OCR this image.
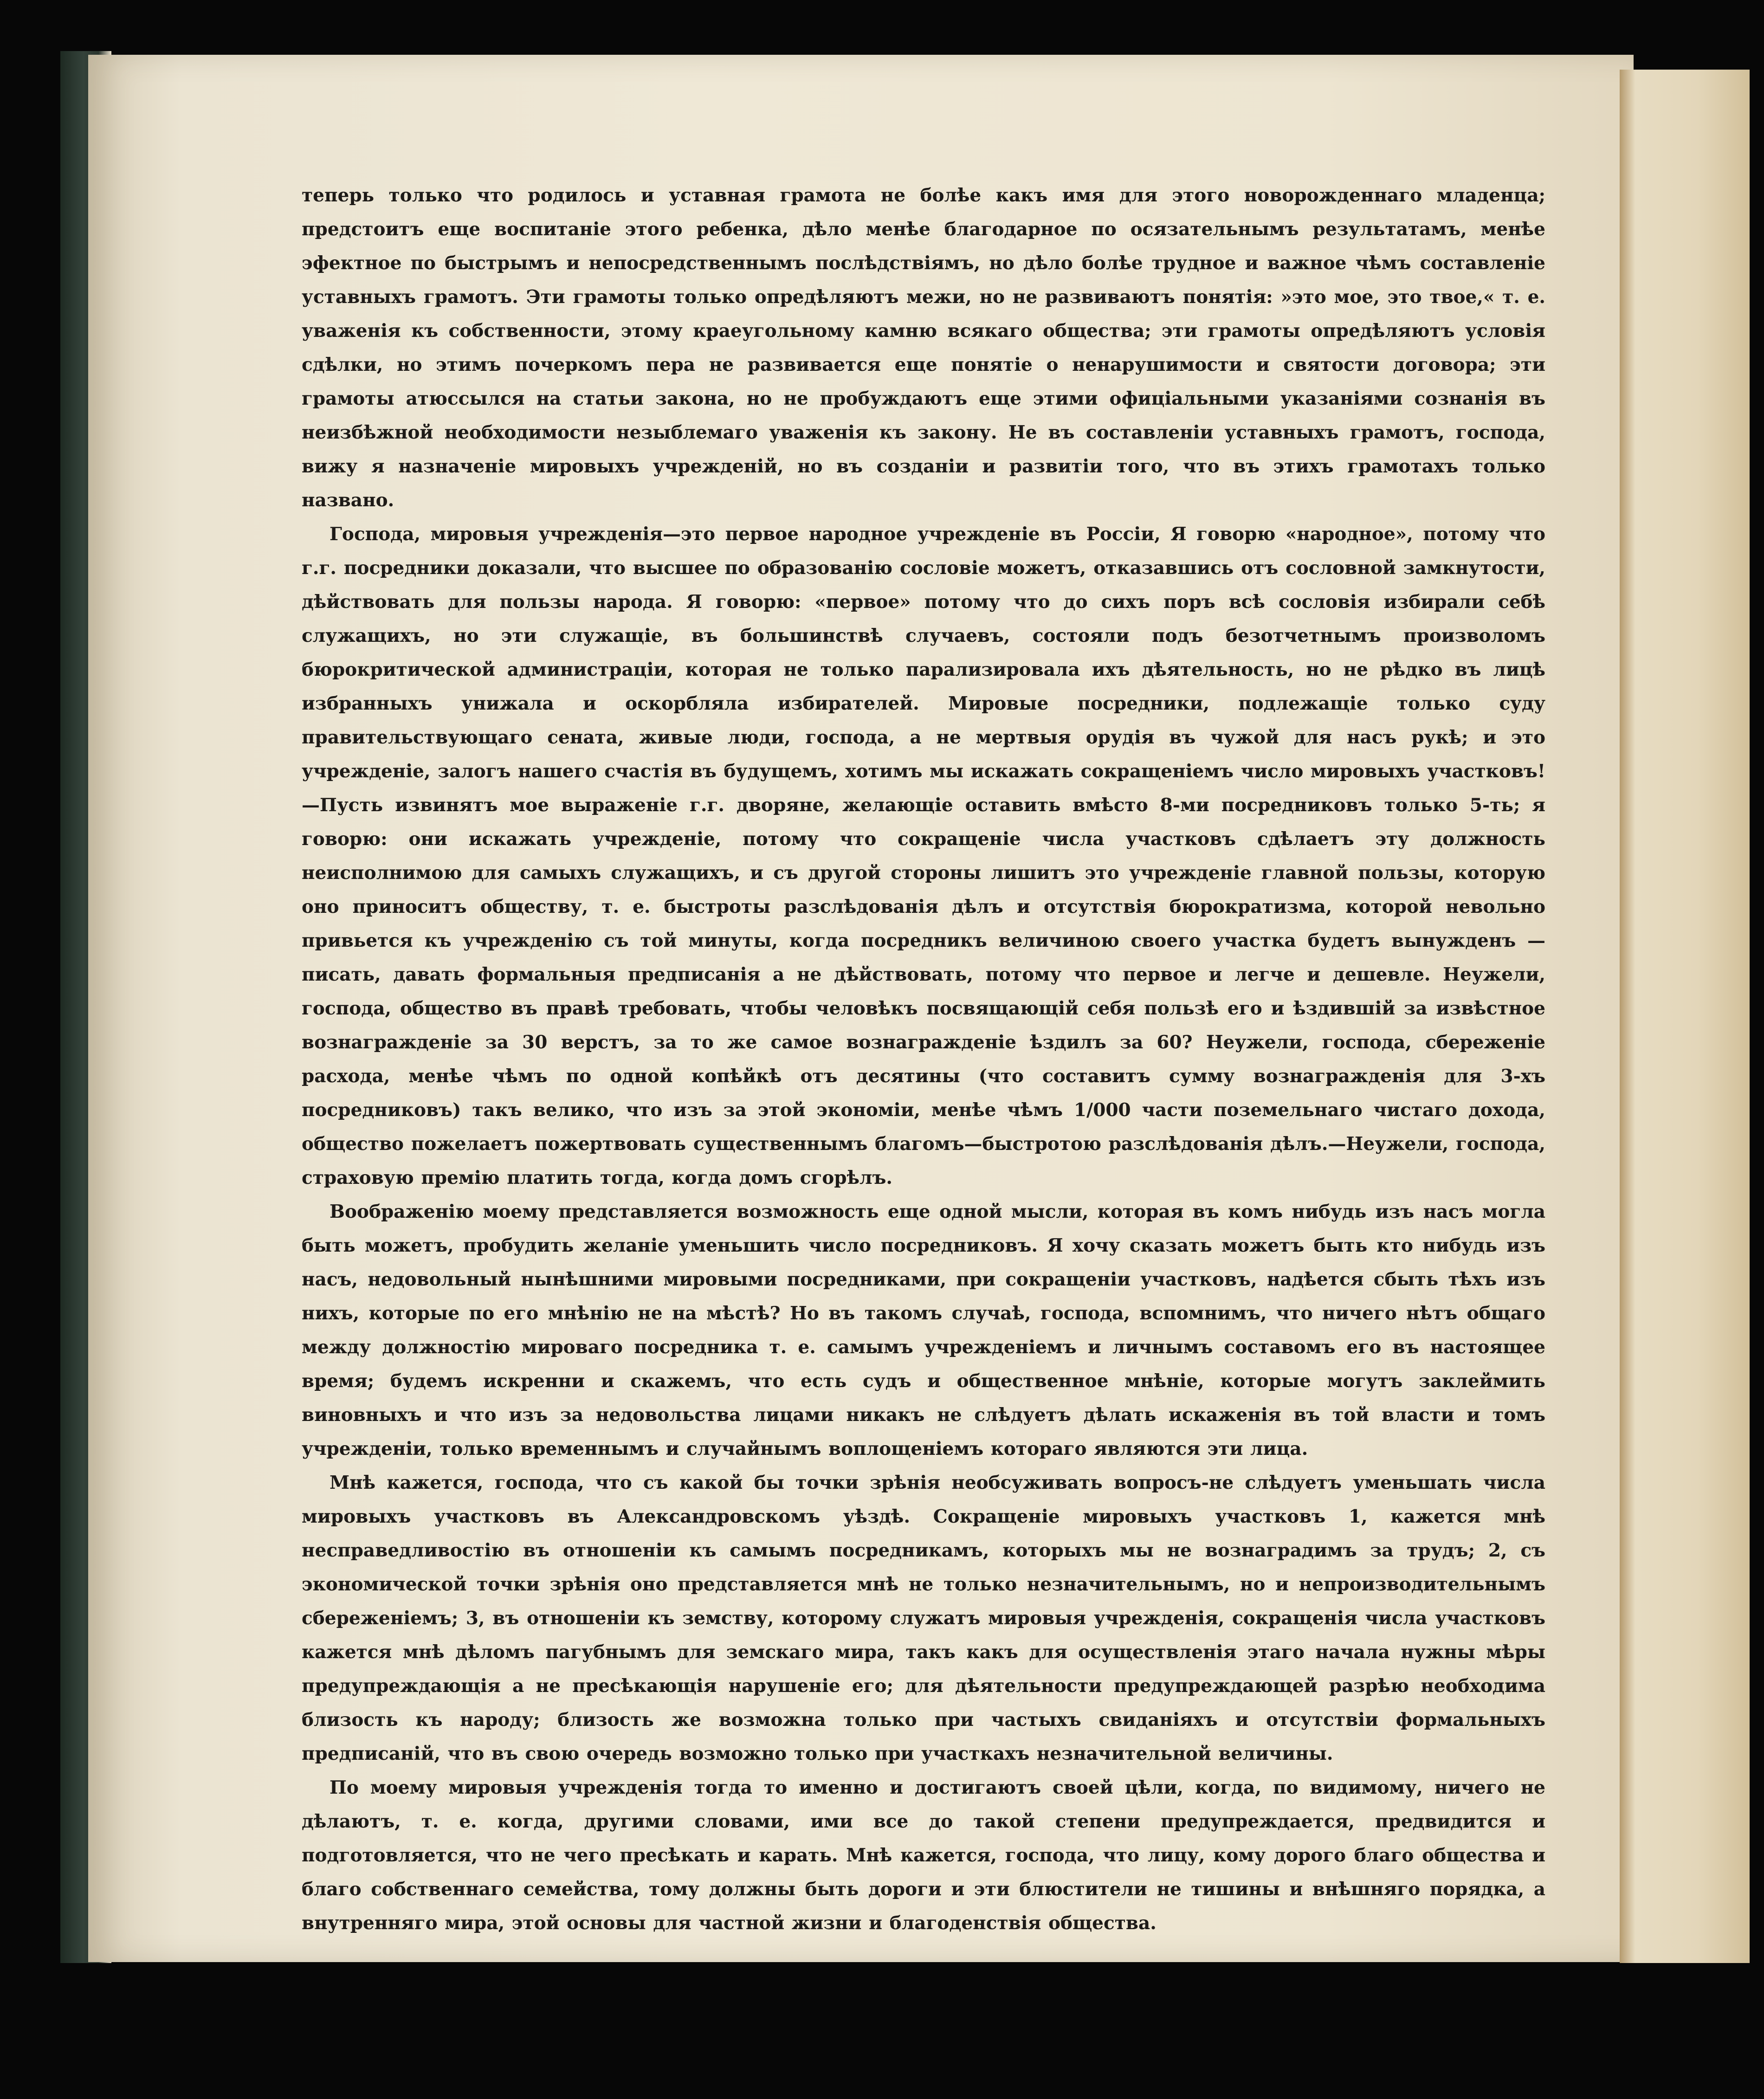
теперь только что родилось и уставная грамота не болѣе какъ имя для этого новорожденнаго младенца; предстоитъ еще воспитаніе этого ребенка, дѣло менѣе благодарное по осязательнымъ результатамъ, менѣе эфектное по быстрымъ и непосредственнымъ послѣдствіямъ, но дѣло болѣе трудное и важное чѣмъ составленіе уставныхъ грамотъ. Эти грамоты только опредѣляютъ межи, но не развиваютъ понятія: »это мое, это твое,« т. е. уваженія къ собственности, этому краеугольному камню всякаго общества; эти грамоты опредѣляютъ условія сдѣлки, но этимъ почеркомъ пера не развивается еще понятіе о ненарушимости и святости договора; эти грамоты атюссылся на статьи закона, но не пробуждаютъ еще этими офиціальными указаніями сознанія въ неизбѣжной необходимости незыблемаго уваженія къ закону. Не въ составленіи уставныхъ грамотъ, господа, вижу я назначеніе мировыхъ учрежденій, но въ созданіи и развитіи того, что въ этихъ грамотахъ только названо.

Господа, мировыя учрежденія—это первое народное учрежденіе въ Россіи, Я говорю «народное», потому что г.г. посредники доказали, что высшее по образованію сословіе можетъ, отказавшись отъ сословной замкнутости, дѣйствовать для пользы народа. Я говорю: «первое» потому что до сихъ поръ всѣ сословія избирали себѣ служащихъ, но эти служащіе, въ большинствѣ случаевъ, состояли подъ безотчетнымъ произволомъ бюрокритической администраціи, которая не только парализировала ихъ дѣятельность, но не рѣдко въ лицѣ избранныхъ унижала и оскорбляла избирателей. Мировые посредники, подлежащіе только суду правительствующаго сената, живые люди, господа, а не мертвыя орудія въ чужой для насъ рукѣ; и это учрежденіе, залогъ нашего счастія въ будущемъ, хотимъ мы искажать сокращеніемъ число мировыхъ участковъ!—Пусть извинятъ мое выраженіе г.г. дворяне, желающіе оставить вмѣсто 8-ми посредниковъ только 5-ть; я говорю: они искажать учрежденіе, потому что сокращеніе числа участковъ сдѣлаетъ эту должность неисполнимою для самыхъ служащихъ, и съ другой стороны лишитъ это учрежденіе главной пользы, которую оно приноситъ обществу, т. е. быстроты разслѣдованія дѣлъ и отсутствія бюрократизма, которой невольно привьется къ учрежденію съ той минуты, когда посредникъ величиною своего участка будетъ вынужденъ — писать, давать формальныя предписанія а не дѣйствовать, потому что первое и легче и дешевле. Неужели, господа, общество въ правѣ требовать, чтобы человѣкъ посвящающій себя пользѣ его и ѣздившій за извѣстное вознагражденіе за 30 верстъ, за то же самое вознагражденіе ѣздилъ за 60? Неужели, господа, сбереженіе расхода, менѣе чѣмъ по одной копѣйкѣ отъ десятины (что составитъ сумму вознагражденія для 3-хъ посредниковъ) такъ велико, что изъ за этой экономіи, менѣе чѣмъ 1/000 части поземельнаго чистаго дохода, общество пожелаетъ пожертвовать существеннымъ благомъ—быстротою разслѣдованія дѣлъ.—Неужели, господа, страховую премію платить тогда, когда домъ сгорѣлъ.

Воображенію моему представляется возможность еще одной мысли, которая въ комъ нибудь изъ насъ могла быть можетъ, пробудить желаніе уменьшить число посредниковъ. Я хочу сказать можетъ быть кто нибудь изъ насъ, недовольный нынѣшними мировыми посредниками, при сокращеніи участковъ, надѣется сбыть тѣхъ изъ нихъ, которые по его мнѣнію не на мѣстѣ? Но въ такомъ случаѣ, господа, вспомнимъ, что ничего нѣтъ общаго между должностію мироваго посредника т. е. самымъ учрежденіемъ и личнымъ составомъ его въ настоящее время; будемъ искренни и скажемъ, что есть судъ и общественное мнѣніе, которые могутъ заклеймить виновныхъ и что изъ за недовольства лицами никакъ не слѣдуетъ дѣлать искаженія въ той власти и томъ учрежденіи, только временнымъ и случайнымъ воплощеніемъ котораго являются эти лица.

Мнѣ кажется, господа, что съ какой бы точки зрѣнія необсуживать вопросъ-не слѣдуетъ уменьшать числа мировыхъ участковъ въ Александровскомъ уѣздѣ. Сокращеніе мировыхъ участковъ 1, кажется мнѣ несправедливостію въ отношеніи къ самымъ посредникамъ, которыхъ мы не вознаградимъ за трудъ; 2, съ экономической точки зрѣнія оно представляется мнѣ не только незначительнымъ, но и непроизводительнымъ сбереженіемъ; 3, въ отношеніи къ земству, которому служатъ мировыя учрежденія, сокращенія числа участковъ кажется мнѣ дѣломъ пагубнымъ для земскаго мира, такъ какъ для осуществленія этаго начала нужны мѣры предупреждающія а не пресѣкающія нарушеніе его; для дѣятельности предупреждающей разрѣю необходима близость къ народу; близость же возможна только при частыхъ свиданіяхъ и отсутствіи формальныхъ предписаній, что въ свою очередь возможно только при участкахъ незначительной величины.

По моему мировыя учрежденія тогда то именно и достигаютъ своей цѣли, когда, по видимому, ничего не дѣлаютъ, т. е. когда, другими словами, ими все до такой степени предупреждается, предвидится и подготовляется, что не чего пресѣкать и карать. Мнѣ кажется, господа, что лицу, кому дорого благо общества и благо собственнаго семейства, тому должны быть дороги и эти блюстители не тишины и внѣшняго порядка, а внутренняго мира, этой основы для частной жизни и благоденствія общества.
